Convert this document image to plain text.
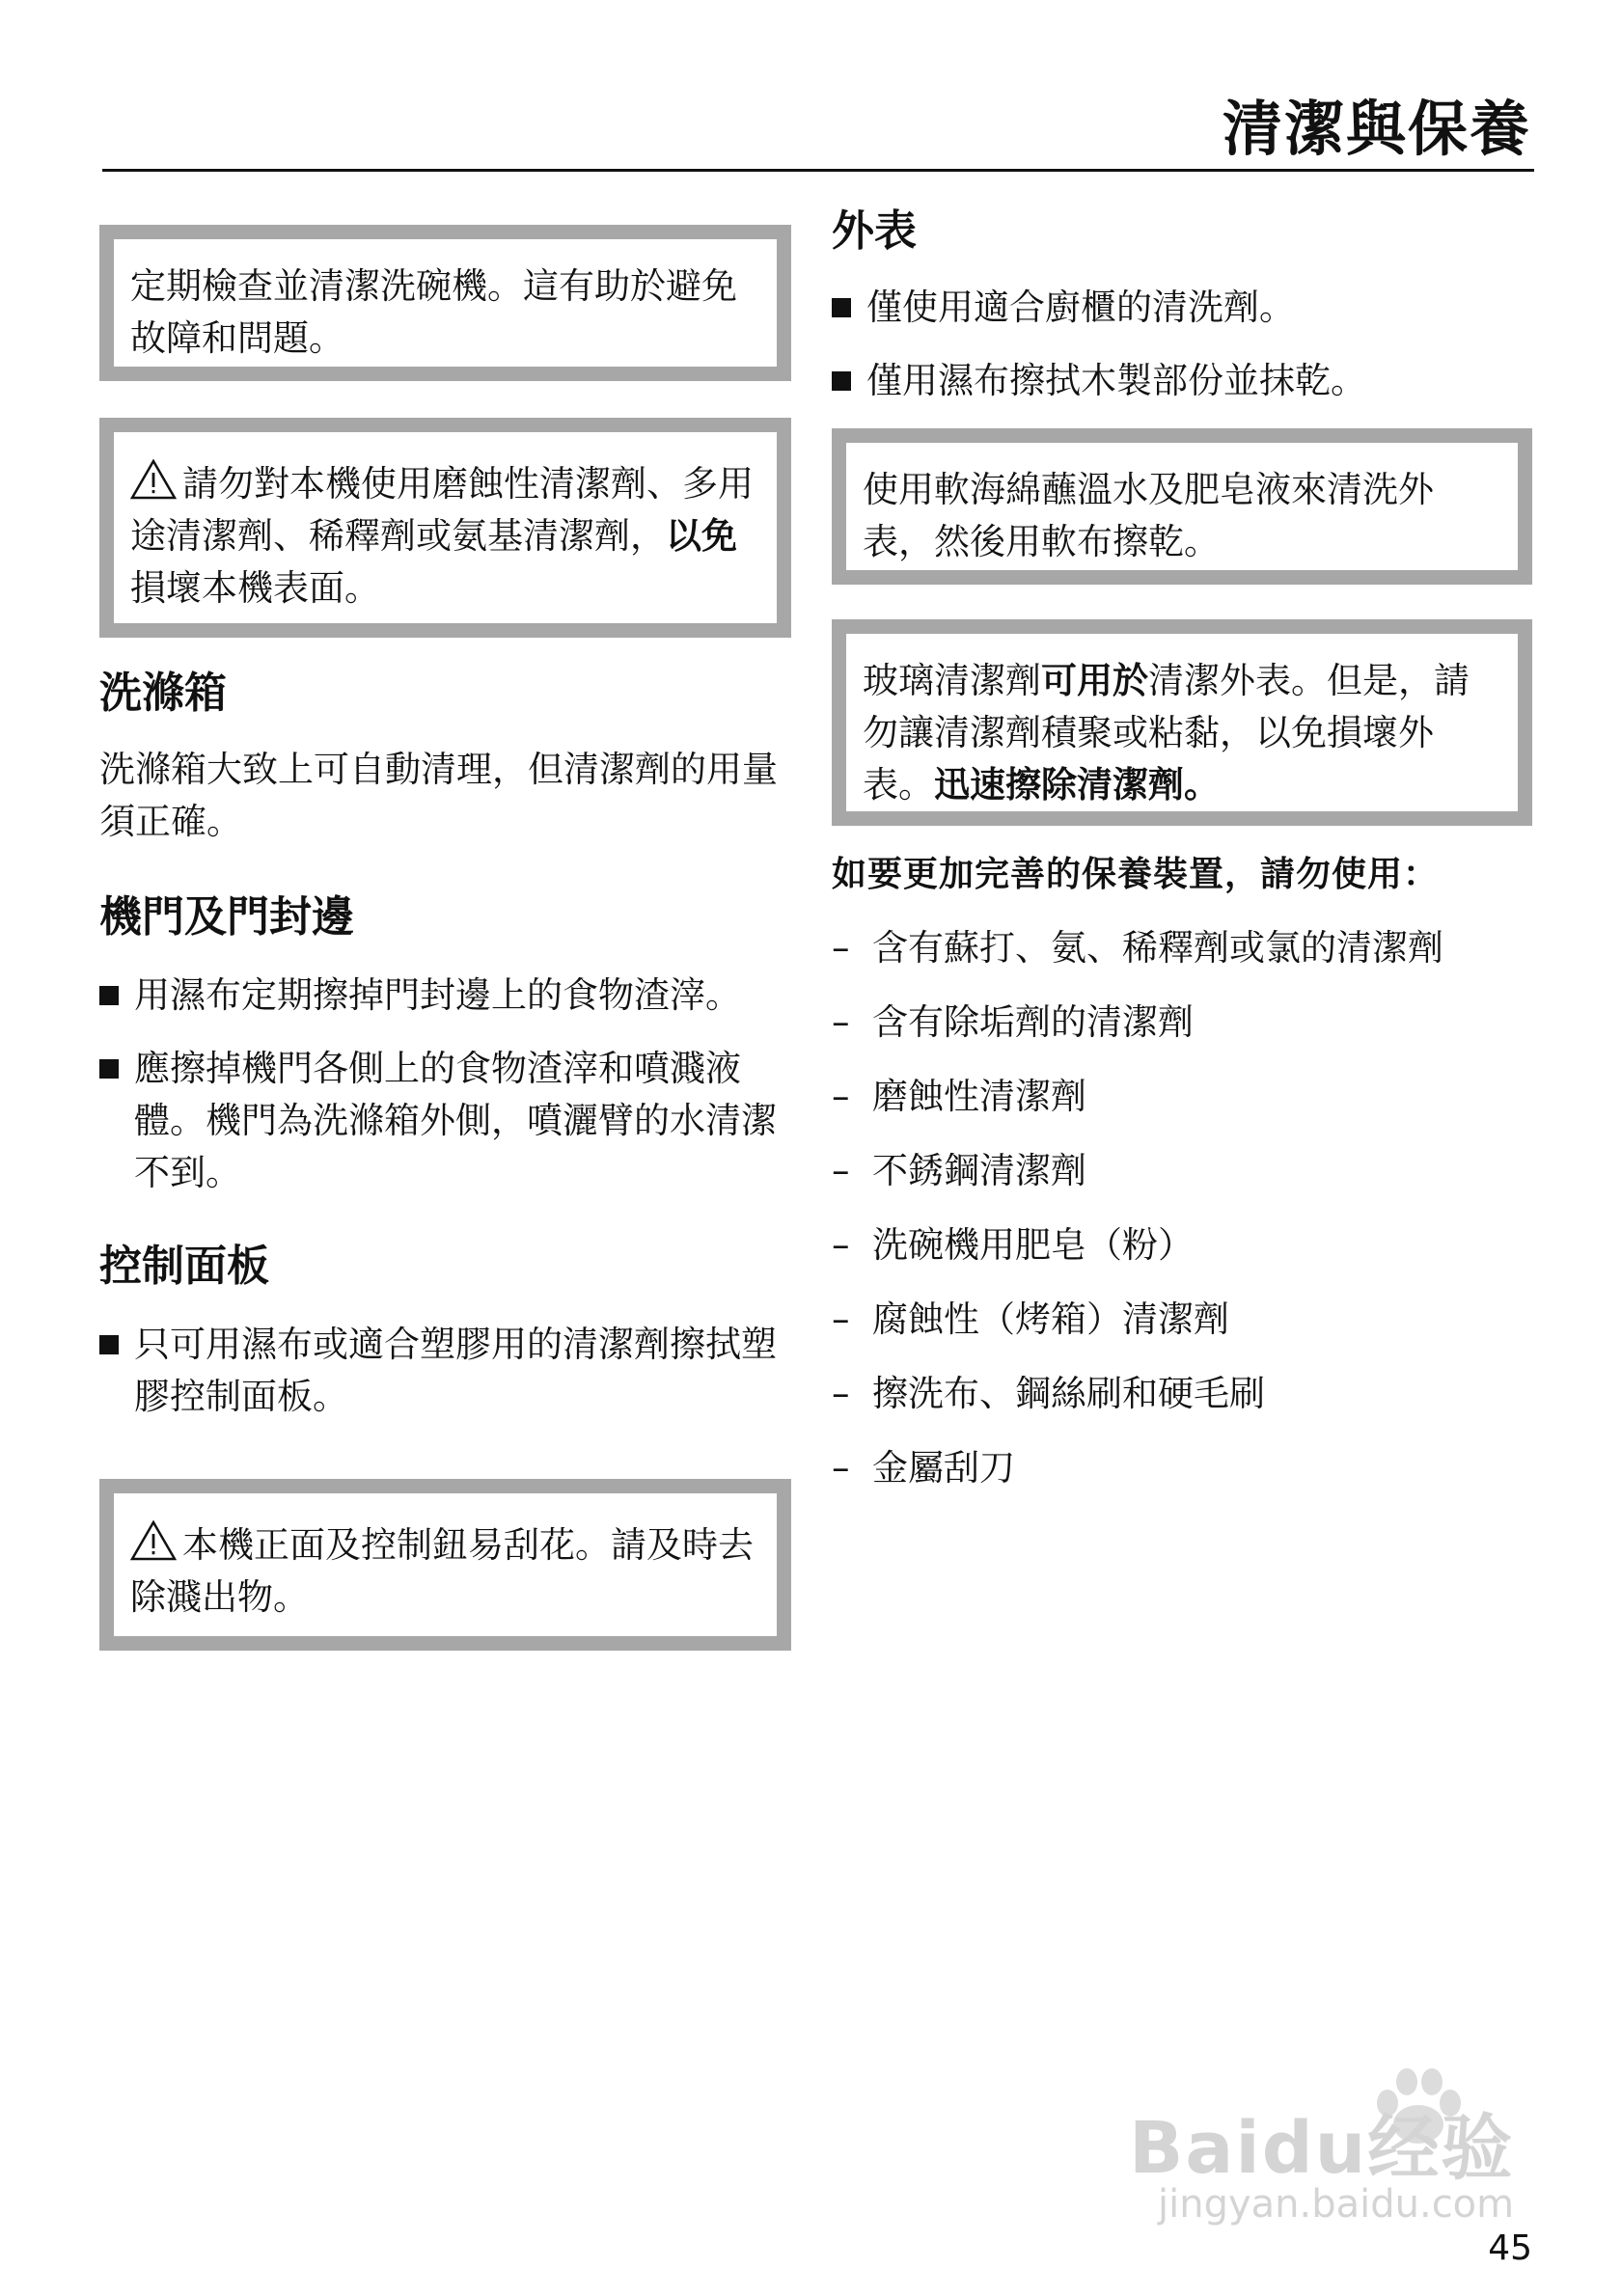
清潔與保養
定期檢查並清潔洗碗機。這有助於避免故障和問題。
請勿對本機使用磨蝕性清潔劑、多用途清潔劑、稀釋劑或氨基清潔劑，以免損壞本機表面。
洗滌箱

洗滌箱大致上可自動清理，但清潔劑的用量須正確。

機門及門封邊
用濕布定期擦掉門封邊上的食物渣滓。
應擦掉機門各側上的食物渣滓和噴濺液體。機門為洗滌箱外側，噴灑臂的水清潔不到。
控制面板
只可用濕布或適合塑膠用的清潔劑擦拭塑膠控制面板。
本機正面及控制鈕易刮花。請及時去除濺出物。
外表
僅使用適合廚櫃的清洗劑。
僅用濕布擦拭木製部份並抹乾。
使用軟海綿蘸溫水及肥皂液來清洗外表，然後用軟布擦乾。
玻璃清潔劑可用於清潔外表。但是，請勿讓清潔劑積聚或粘黏，以免損壞外表。迅速擦除清潔劑。

如要更加完善的保養裝置，請勿使用：

– 含有蘇打、氨、稀釋劑或氯的清潔劑
– 含有除垢劑的清潔劑
– 磨蝕性清潔劑
– 不銹鋼清潔劑
– 洗碗機用肥皂（粉）
– 腐蝕性（烤箱）清潔劑
– 擦洗布、鋼絲刷和硬毛刷
– 金屬刮刀
Baidu经验
jingyan.baidu.com
45
